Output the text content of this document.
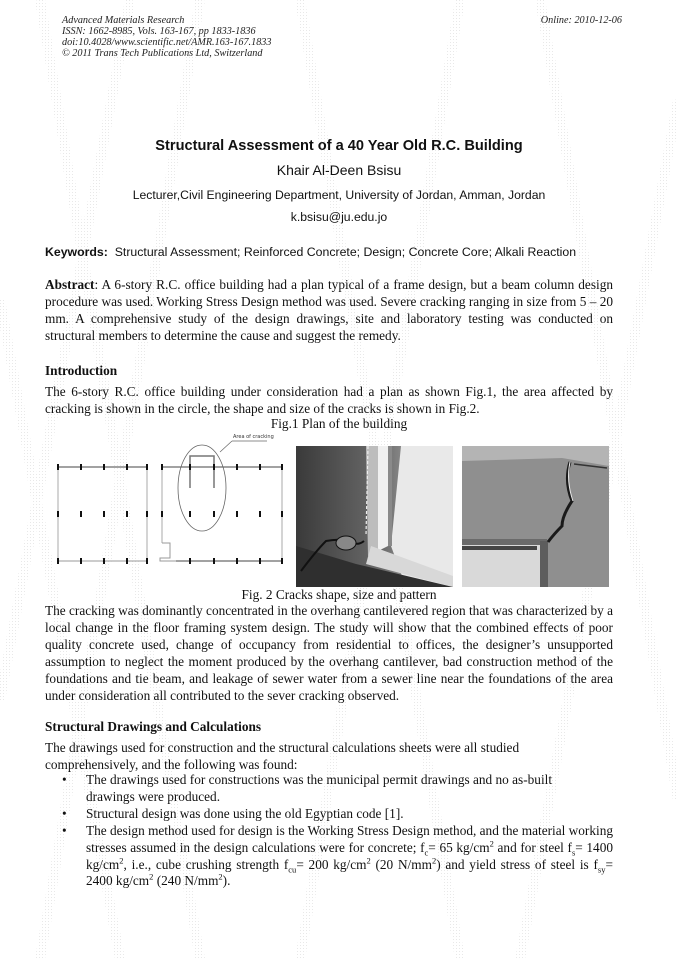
Advanced Materials Research
ISSN: 1662-8985, Vols. 163-167, pp 1833-1836
doi:10.4028/www.scientific.net/AMR.163-167.1833
© 2011 Trans Tech Publications Ltd, Switzerland
Online: 2010-12-06
Structural Assessment of a 40 Year Old R.C. Building
Khair Al-Deen Bsisu
Lecturer,Civil Engineering Department, University of Jordan, Amman, Jordan
k.bsisu@ju.edu.jo
Keywords: Structural Assessment; Reinforced Concrete; Design; Concrete Core; Alkali Reaction
Abstract: A 6-story R.C. office building had a plan typical of a frame design, but a beam column design procedure was used. Working Stress Design method was used. Severe cracking ranging in size from 5 – 20 mm. A comprehensive study of the design drawings, site and laboratory testing was conducted on structural members to determine the cause and suggest the remedy.
Introduction
The 6-story R.C. office building under consideration had a plan as shown Fig.1, the area affected by cracking is shown in the circle, the shape and size of the cracks is shown in Fig.2.
Fig.1 Plan of the building
Area of cracking
Fig. 2 Cracks shape, size and pattern
The cracking was dominantly concentrated in the overhang cantilevered region that was characterized by a local change in the floor framing system design. The study will show that the combined effects of poor quality concrete used, change of occupancy from residential to offices, the designer’s unsupported assumption to neglect the moment produced by the overhang cantilever, bad construction method of the foundations and tie beam, and leakage of sewer water from a sewer line near the foundations of the area under consideration all contributed to the sever cracking observed.
Structural Drawings and Calculations
The drawings used for construction and the structural calculations sheets were all studied comprehensively, and the following was found:
• The drawings used for constructions was the municipal permit drawings and no as-built drawings were produced.
• Structural design was done using the old Egyptian code [1].
• The design method used for design is the Working Stress Design method, and the material working stresses assumed in the design calculations were for concrete; $f_c= 65$ $kg/cm^2$ and for steel $f_s= 1400$ $kg/cm^2$, i.e., cube crushing strength $f_{cu}= 200$ $kg/cm^2$ (20 $N/mm^2$) and yield stress of steel is $f_{sy}= 2400$ $kg/cm^2$ (240 $N/mm^2$).
